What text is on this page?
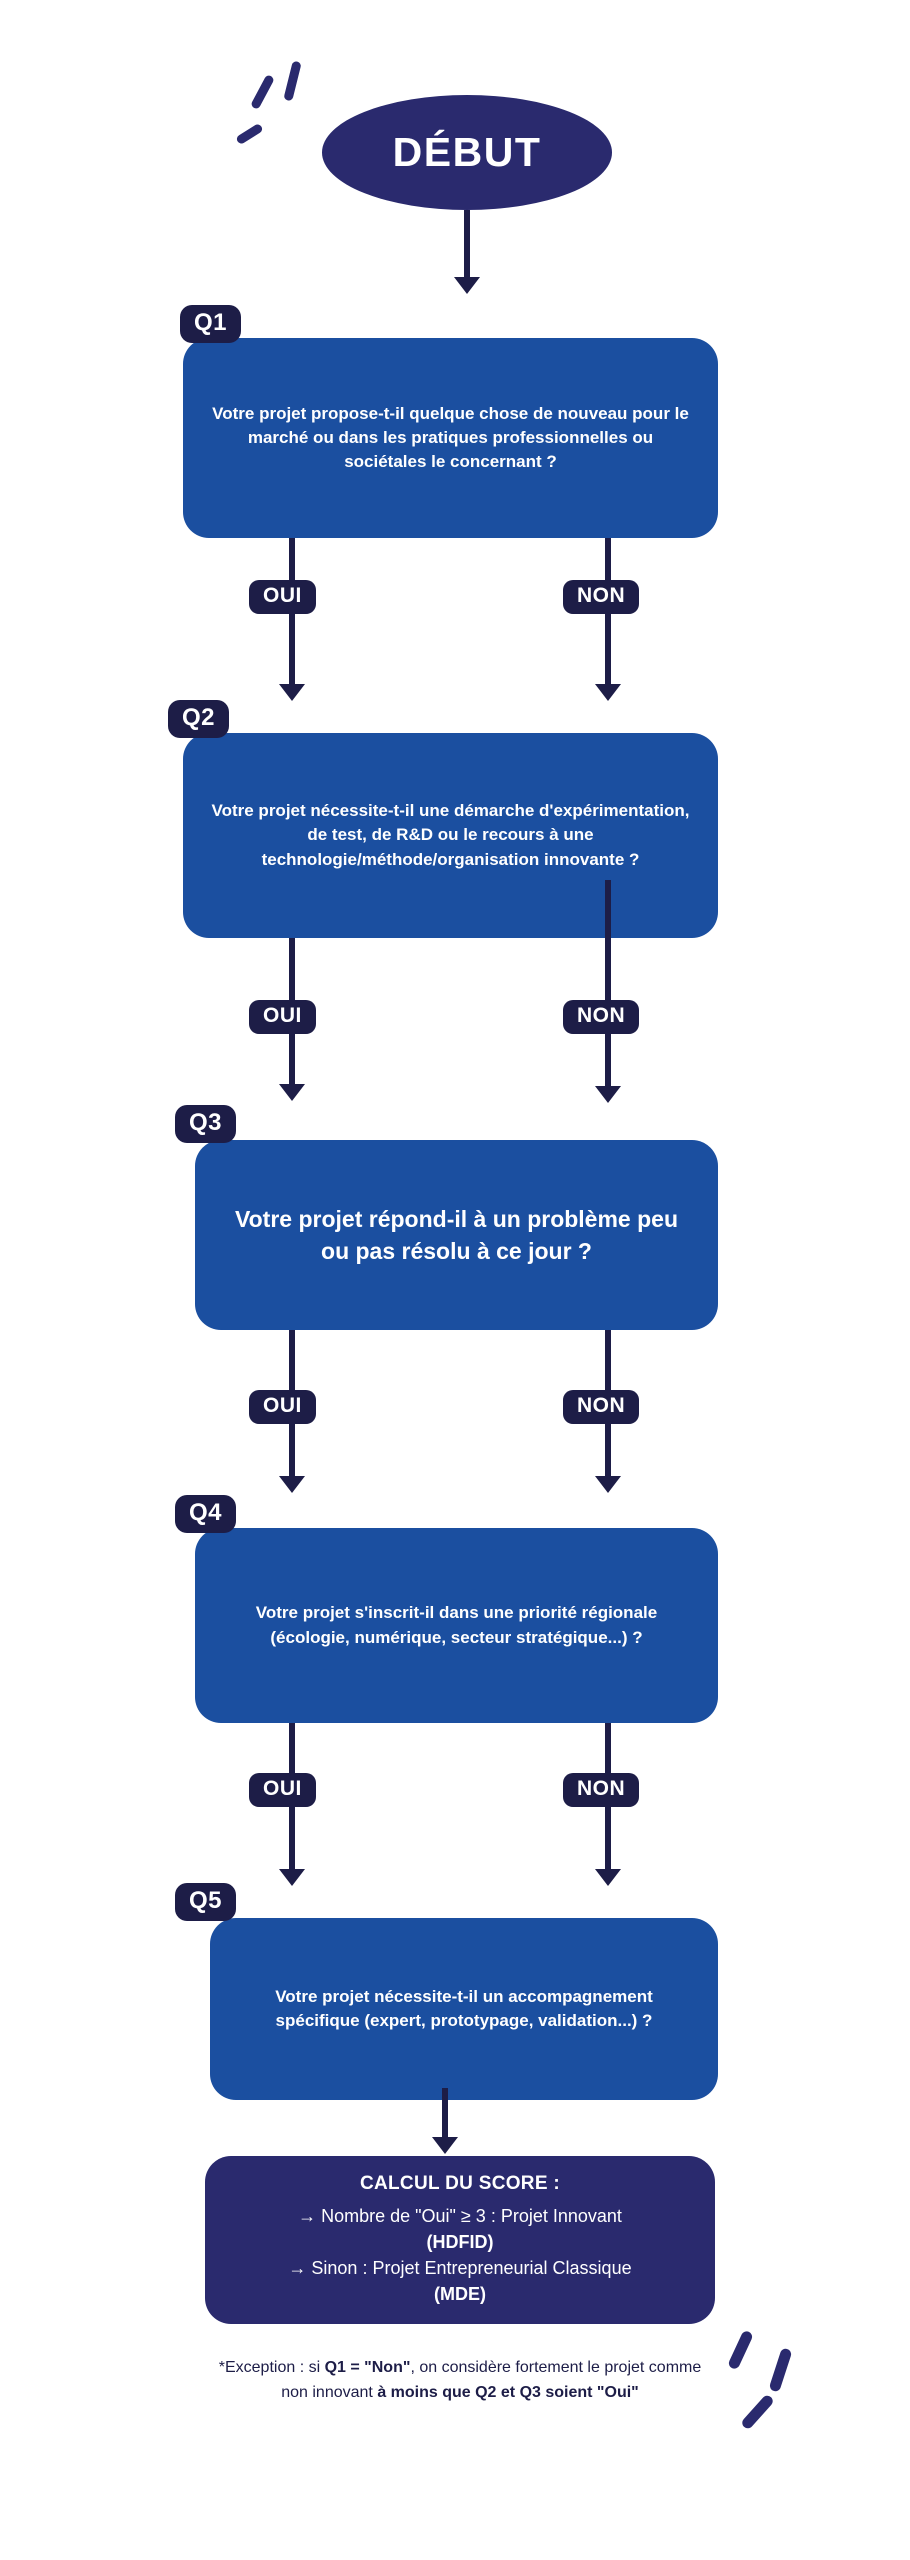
DÉBUT
Q1
Votre projet propose-t-il quelque chose de nouveau pour le marché ou dans les pratiques professionnelles ou sociétales le concernant ?
OUI	NON
Q2
Votre projet nécessite-t-il une démarche d'expérimentation, de test, de R&D ou le recours à une technologie/méthode/organisation innovante ?
OUI	NON
Q3
Votre projet répond-il à un problème peu ou pas résolu à ce jour ?
OUI	NON
Q4
Votre projet s'inscrit-il dans une priorité régionale (écologie, numérique, secteur stratégique...) ?
OUI	NON
Q5
Votre projet nécessite-t-il un accompagnement spécifique (expert, prototypage, validation...) ?
CALCUL DU SCORE :
→ Nombre de "Oui" ≥ 3 : Projet Innovant
(HDFID)
→ Sinon : Projet Entrepreneurial Classique
(MDE)
*Exception : si Q1 = "Non", on considère fortement le projet comme non innovant à moins que Q2 et Q3 soient "Oui"
